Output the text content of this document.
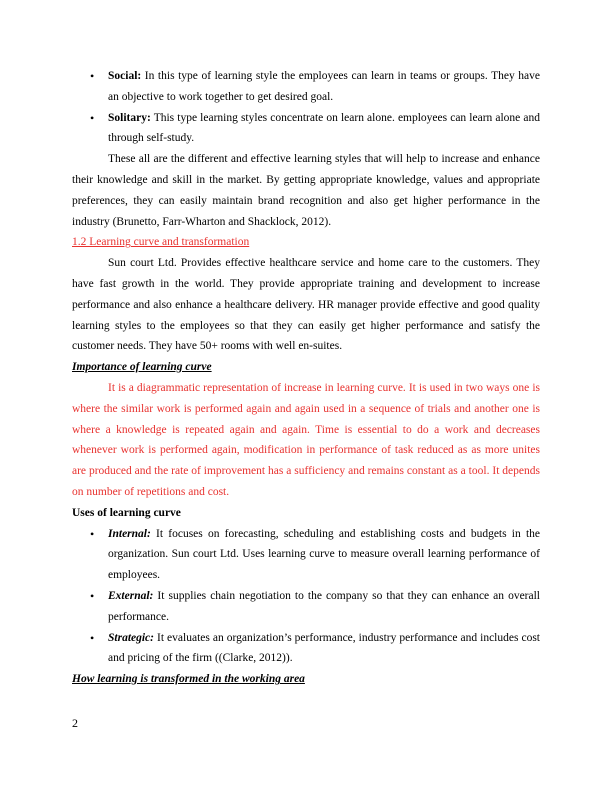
• Social: In this type of learning style the employees can learn in teams or groups. They have an objective to work together to get desired goal.
• Solitary: This type learning styles concentrate on learn alone. employees can learn alone and through self-study.

These all are the different and effective learning styles that will help to increase and enhance their knowledge and skill in the market. By getting appropriate knowledge, values and appropriate preferences, they can easily maintain brand recognition and also get higher performance in the industry (Brunetto, Farr-Wharton and Shacklock, 2012).

1.2 Learning curve and transformation

Sun court Ltd. Provides effective healthcare service and home care to the customers. They have fast growth in the world. They provide appropriate training and development to increase performance and also enhance a healthcare delivery. HR manager provide effective and good quality learning styles to the employees so that they can easily get higher performance and satisfy the customer needs. They have 50+ rooms with well en-suites.

Importance of learning curve

It is a diagrammatic representation of increase in learning curve. It is used in two ways one is where the similar work is performed again and again used in a sequence of trials and another one is where a knowledge is repeated again and again. Time is essential to do a work and decreases whenever work is performed again, modification in performance of task reduced as as more unites are produced and the rate of improvement has a sufficiency and remains constant as a tool. It depends on number of repetitions and cost.

Uses of learning curve

• Internal: It focuses on forecasting, scheduling and establishing costs and budgets in the organization. Sun court Ltd. Uses learning curve to measure overall learning performance of employees.
• External: It supplies chain negotiation to the company so that they can enhance an overall performance.
• Strategic: It evaluates an organization’s performance, industry performance and includes cost and pricing of the firm ((Clarke, 2012)).

How learning is transformed in the working area

2
